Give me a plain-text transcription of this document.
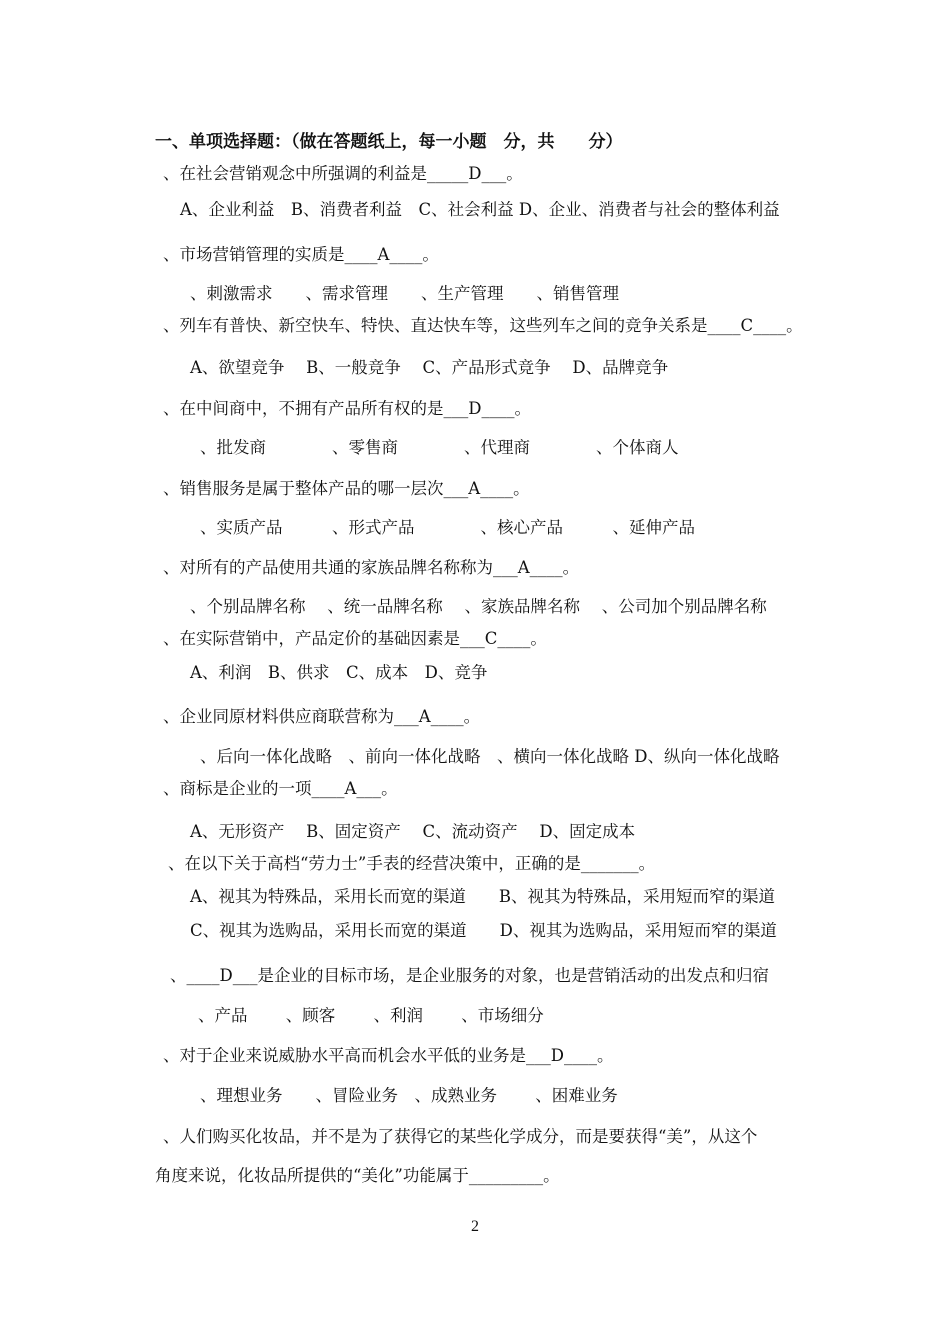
一、单项选择题：（做在答题纸上，每一小题　分，共　　分）
、在社会营销观念中所强调的利益是_____D___。
A、企业利益　B、消费者利益　C、社会利益 D、企业、消费者与社会的整体利益
、市场营销管理的实质是____A____。
、刺激需求　　、需求管理　　、生产管理　　、销售管理
、列车有普快、新空快车、特快、直达快车等，这些列车之间的竞争关系是____C____。
A、欲望竞争　 B、一般竞争　 C、产品形式竞争　 D、品牌竞争
、在中间商中，不拥有产品所有权的是___D____。
、批发商　　　　、零售商　　　　、代理商　　　　、个体商人
、销售服务是属于整体产品的哪一层次___A____。
、实质产品　　　、形式产品　　　　、核心产品　　　、延伸产品
、对所有的产品使用共通的家族品牌名称称为___A____。
、个别品牌名称　 、统一品牌名称　 、家族品牌名称　 、公司加个别品牌名称
、在实际营销中，产品定价的基础因素是___C____。
A、利润　B、供求　C、成本　D、竞争
、企业同原材料供应商联营称为___A____。
、后向一体化战略　、前向一体化战略　、横向一体化战略 D、纵向一体化战略
、商标是企业的一项____A___。
A、无形资产　 B、固定资产　 C、流动资产　 D、固定成本
、在以下关于高档“劳力士”手表的经营决策中，正确的是_______。
A、视其为特殊品，采用长而宽的渠道　　B、视其为特殊品，采用短而窄的渠道
C、视其为选购品，采用长而宽的渠道　　D、视其为选购品，采用短而窄的渠道
、____D___是企业的目标市场，是企业服务的对象，也是营销活动的出发点和归宿
、产品　　 、顾客　　 、利润　　 、市场细分
、对于企业来说威胁水平高而机会水平低的业务是___D____。
、理想业务　　、冒险业务　、成熟业务　　 、困难业务
、人们购买化妆品，并不是为了获得它的某些化学成分，而是要获得“美”，从这个
角度来说，化妆品所提供的“美化”功能属于_________。
2
